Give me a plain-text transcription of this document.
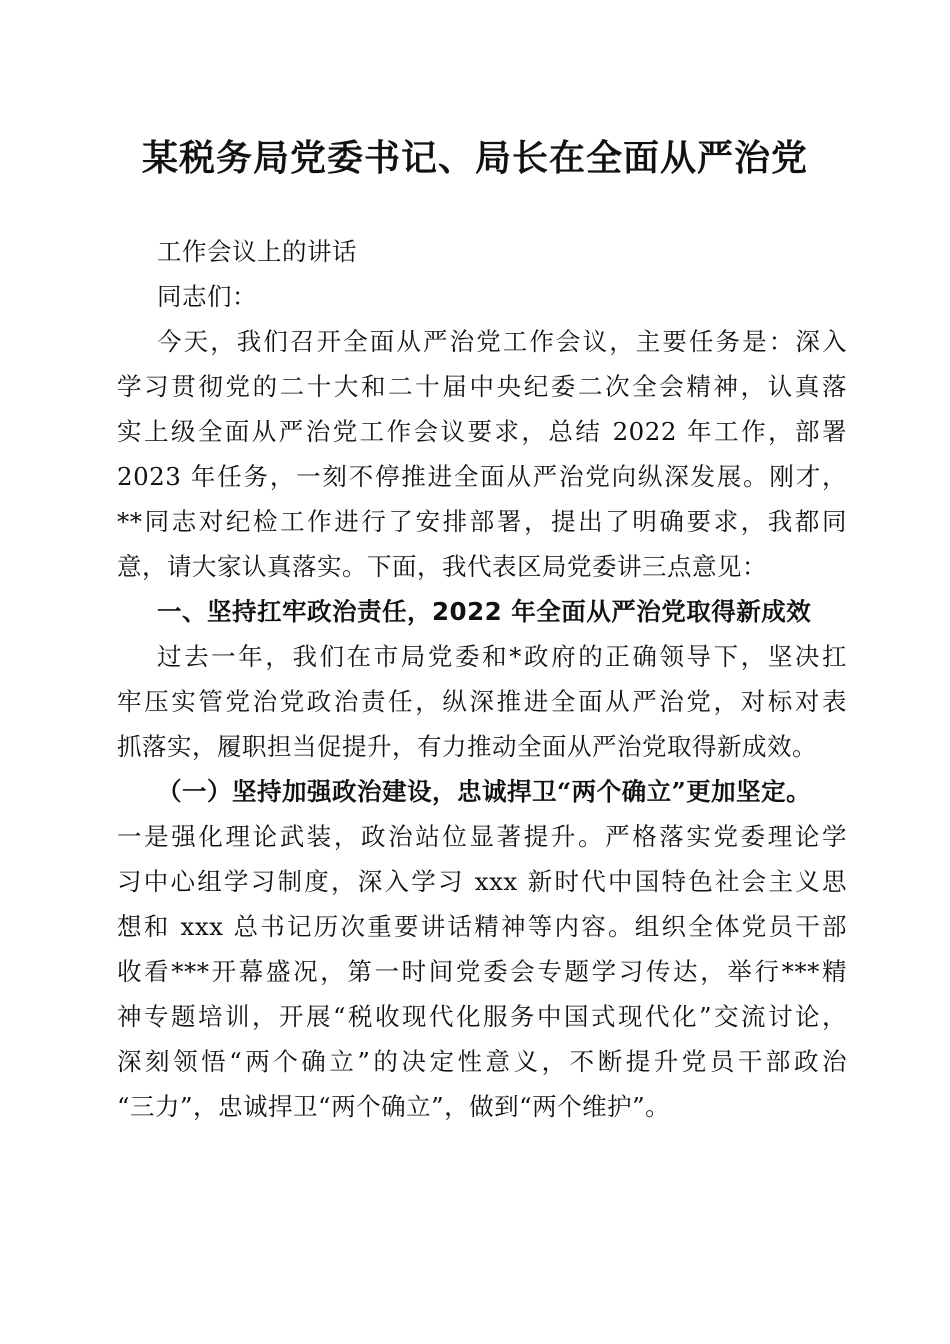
某税务局党委书记、局长在全面从严治党
工作会议上的讲话
同志们：
今天，我们召开全面从严治党工作会议，主要任务是：深入
学习贯彻党的二十大和二十届中央纪委二次全会精神，认真落
实上级全面从严治党工作会议要求，总结 2022 年工作，部署
2023 年任务，一刻不停推进全面从严治党向纵深发展。刚才，
**同志对纪检工作进行了安排部署，提出了明确要求，我都同
意，请大家认真落实。下面，我代表区局党委讲三点意见：
一、坚持扛牢政治责任，2022 年全面从严治党取得新成效
过去一年，我们在市局党委和*政府的正确领导下，坚决扛
牢压实管党治党政治责任，纵深推进全面从严治党，对标对表
抓落实，履职担当促提升，有力推动全面从严治党取得新成效。
（一）坚持加强政治建设，忠诚捍卫“两个确立”更加坚定。
一是强化理论武装，政治站位显著提升。严格落实党委理论学
习中心组学习制度，深入学习 xxx 新时代中国特色社会主义思
想和 xxx 总书记历次重要讲话精神等内容。组织全体党员干部
收看***开幕盛况，第一时间党委会专题学习传达，举行***精
神专题培训，开展“税收现代化服务中国式现代化”交流讨论，
深刻领悟“两个确立”的决定性意义，不断提升党员干部政治
“三力”，忠诚捍卫“两个确立”，做到“两个维护”。
